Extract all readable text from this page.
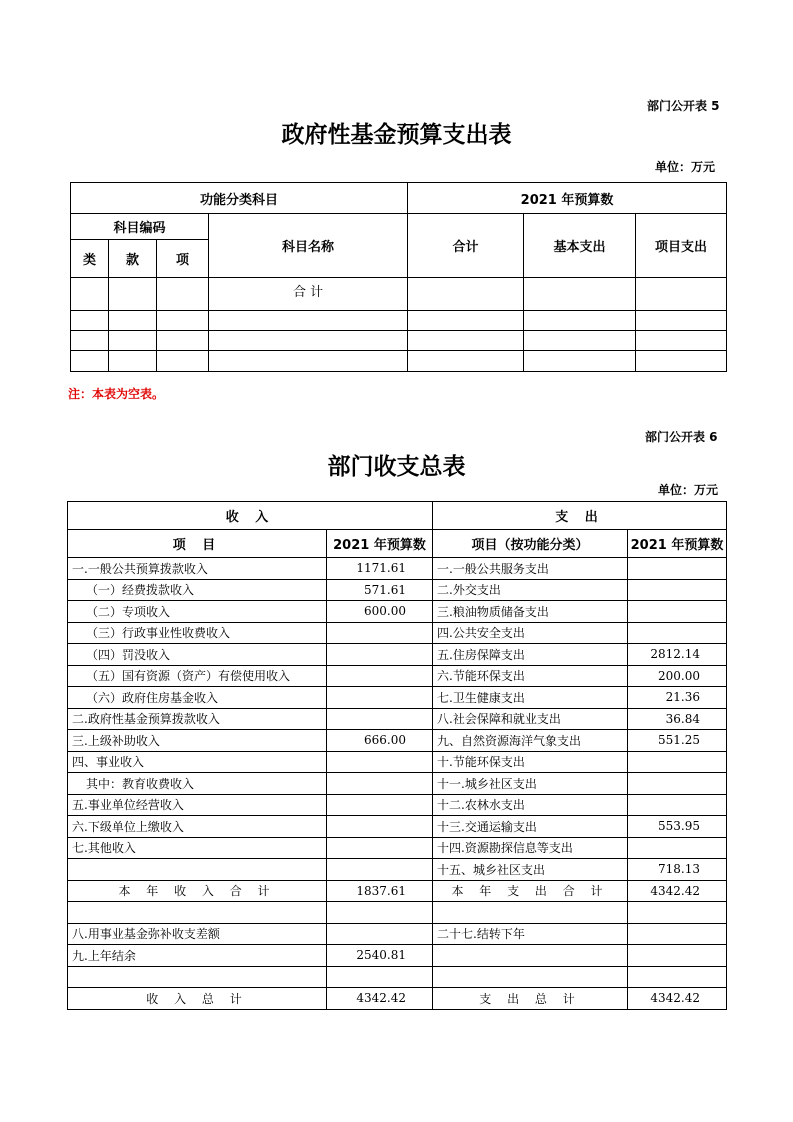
部门公开表 5
政府性基金预算支出表
单位：万元
功能分类科目				2021 年预算数		
科目编码			科目名称	合计	基本支出	项目支出
类	款	项				
			合 计			

注：本表为空表。
部门公开表 6
部门收支总表
单位：万元
收 入		支 出	
项 目	2021 年预算数	项目（按功能分类）	2021 年预算数
一.一般公共预算拨款收入	1171.61	一.一般公共服务支出	
（一）经费拨款收入	571.61	二.外交支出	
（二）专项收入	600.00	三.粮油物质储备支出	
（三）行政事业性收费收入		四.公共安全支出	
（四）罚没收入		五.住房保障支出	2812.14
（五）国有资源（资产）有偿使用收入		六.节能环保支出	200.00
（六）政府住房基金收入		七.卫生健康支出	21.36
二.政府性基金预算拨款收入		八.社会保障和就业支出	36.84
三.上级补助收入	666.00	九、自然资源海洋气象支出	551.25
四、事业收入		十.节能环保支出	
其中：教育收费收入		十一.城乡社区支出	
五.事业单位经营收入		十二.农林水支出	
六.下级单位上缴收入		十三.交通运输支出	553.95
七.其他收入		十四.资源勘探信息等支出	
		十五、城乡社区支出	718.13
本 年 收 入 合 计	1837.61	本 年 支 出 合 计	4342.42

八.用事业基金弥补收支差额		二十七.结转下年	
九.上年结余	2540.81		

收 入 总 计	4342.42	支 出 总 计	4342.42
